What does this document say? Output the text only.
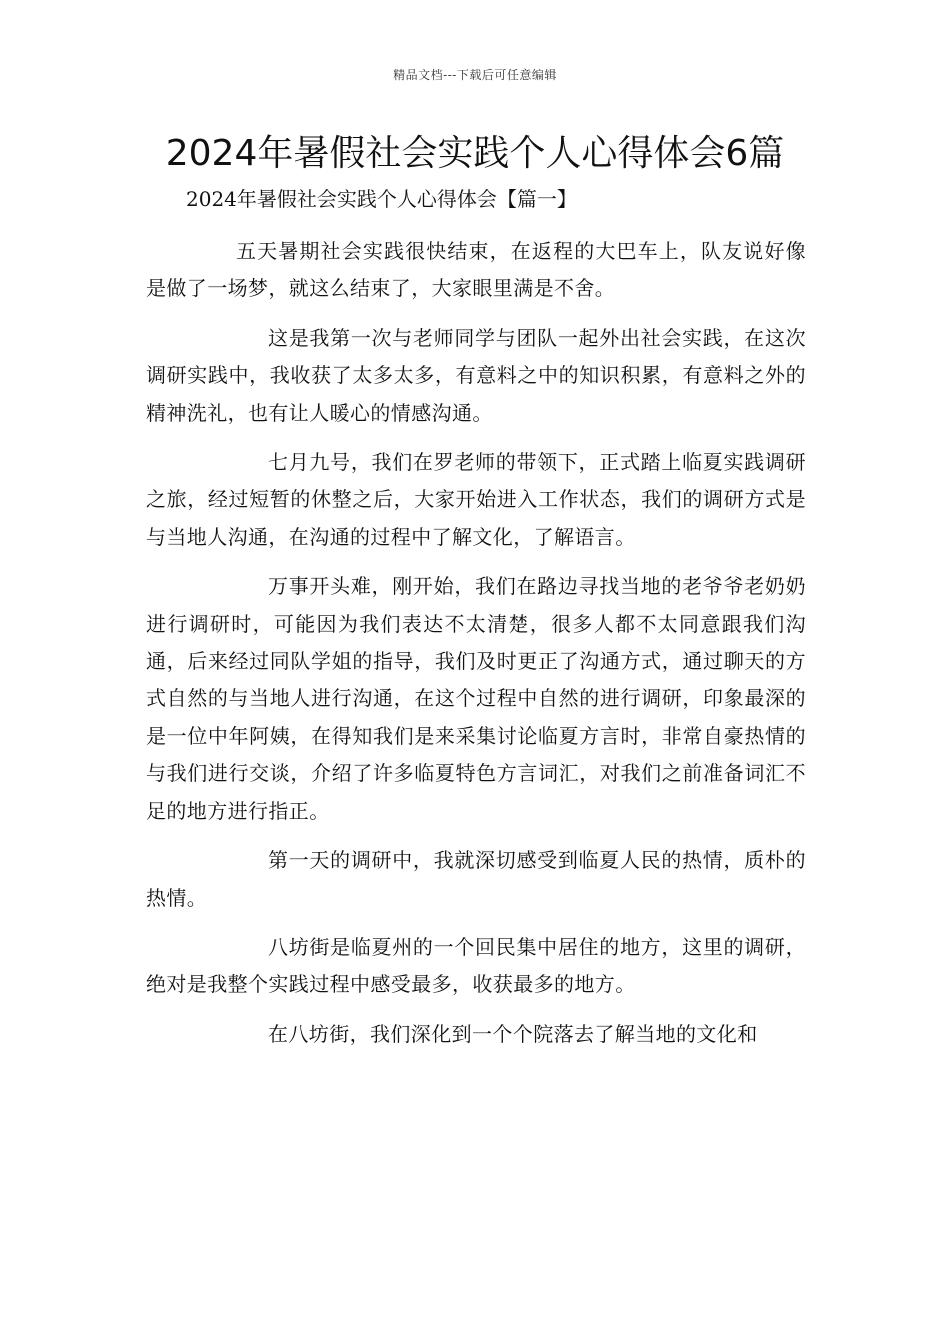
精品文档---下载后可任意编辑
2024年暑假社会实践个人心得体会6篇
2024年暑假社会实践个人心得体会【篇一】

五天暑期社会实践很快结束，在返程的大巴车上，队友说好像是做了一场梦，就这么结束了，大家眼里满是不舍。

这是我第一次与老师同学与团队一起外出社会实践，在这次调研实践中，我收获了太多太多，有意料之中的知识积累，有意料之外的精神洗礼，也有让人暖心的情感沟通。

七月九号，我们在罗老师的带领下，正式踏上临夏实践调研之旅，经过短暂的休整之后，大家开始进入工作状态，我们的调研方式是与当地人沟通，在沟通的过程中了解文化，了解语言。

万事开头难，刚开始，我们在路边寻找当地的老爷爷老奶奶进行调研时，可能因为我们表达不太清楚，很多人都不太同意跟我们沟通，后来经过同队学姐的指导，我们及时更正了沟通方式，通过聊天的方式自然的与当地人进行沟通，在这个过程中自然的进行调研，印象最深的是一位中年阿姨，在得知我们是来采集讨论临夏方言时，非常自豪热情的与我们进行交谈，介绍了许多临夏特色方言词汇，对我们之前准备词汇不足的地方进行指正。

第一天的调研中，我就深切感受到临夏人民的热情，质朴的热情。

八坊街是临夏州的一个回民集中居住的地方，这里的调研，绝对是我整个实践过程中感受最多，收获最多的地方。

在八坊街，我们深化到一个个院落去了解当地的文化和
